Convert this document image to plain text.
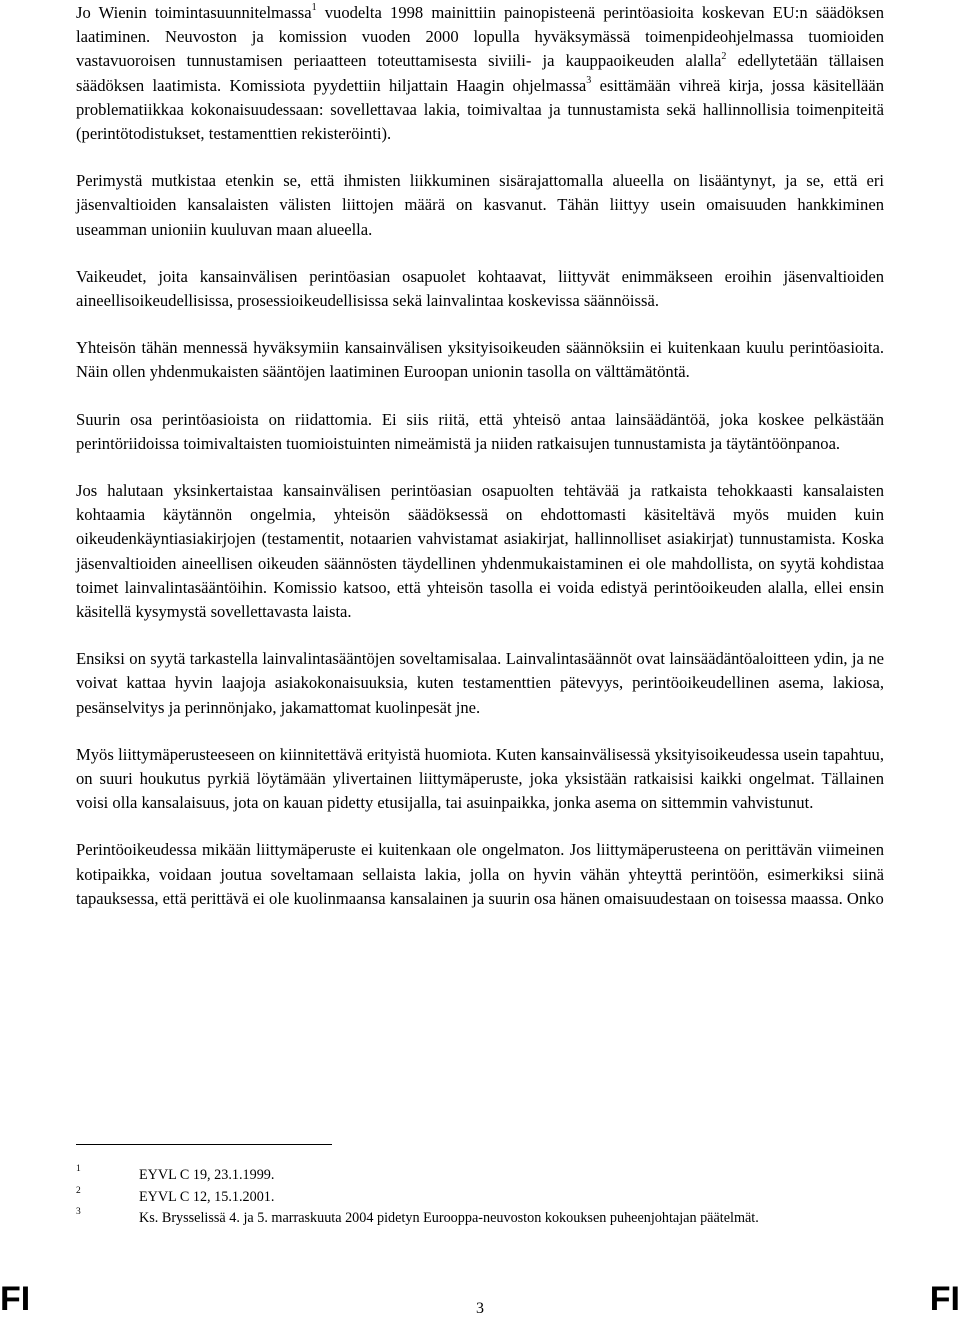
Jo Wienin toimintasuunnitelmassa$^1$ vuodelta 1998 mainittiin painopisteenä perintöasioita koskevan EU:n säädöksen laatiminen. Neuvoston ja komission vuoden 2000 lopulla hyväksymässä toimenpideohjelmassa tuomioiden vastavuoroisen tunnustamisen periaatteen toteuttamisesta siviili- ja kauppaoikeuden alalla$^2$ edellytetään tällaisen säädöksen laatimista. Komissiota pyydettiin hiljattain Haagin ohjelmassa$^3$ esittämään vihreä kirja, jossa käsitellään problematiikkaa kokonaisuudessaan: sovellettavaa lakia, toimivaltaa ja tunnustamista sekä hallinnollisia toimenpiteitä (perintötodistukset, testamenttien rekisteröinti).

Perimystä mutkistaa etenkin se, että ihmisten liikkuminen sisärajattomalla alueella on lisääntynyt, ja se, että eri jäsenvaltioiden kansalaisten välisten liittojen määrä on kasvanut. Tähän liittyy usein omaisuuden hankkiminen useamman unioniin kuuluvan maan alueella.

Vaikeudet, joita kansainvälisen perintöasian osapuolet kohtaavat, liittyvät enimmäkseen eroihin jäsenvaltioiden aineellisoikeudellisissa, prosessioikeudellisissa sekä lainvalintaa koskevissa säännöissä.

Yhteisön tähän mennessä hyväksymiin kansainvälisen yksityisoikeuden säännöksiin ei kuitenkaan kuulu perintöasioita. Näin ollen yhdenmukaisten sääntöjen laatiminen Euroopan unionin tasolla on välttämätöntä.

Suurin osa perintöasioista on riidattomia. Ei siis riitä, että yhteisö antaa lainsäädäntöä, joka koskee pelkästään perintöriidoissa toimivaltaisten tuomioistuinten nimeämistä ja niiden ratkaisujen tunnustamista ja täytäntöönpanoa.

Jos halutaan yksinkertaistaa kansainvälisen perintöasian osapuolten tehtävää ja ratkaista tehokkaasti kansalaisten kohtaamia käytännön ongelmia, yhteisön säädöksessä on ehdottomasti käsiteltävä myös muiden kuin oikeudenkäyntiasiakirjojen (testamentit, notaarien vahvistamat asiakirjat, hallinnolliset asiakirjat) tunnustamista. Koska jäsenvaltioiden aineellisen oikeuden säännösten täydellinen yhdenmukaistaminen ei ole mahdollista, on syytä kohdistaa toimet lainvalintasääntöihin. Komissio katsoo, että yhteisön tasolla ei voida edistyä perintöoikeuden alalla, ellei ensin käsitellä kysymystä sovellettavasta laista.

Ensiksi on syytä tarkastella lainvalintasääntöjen soveltamisalaa. Lainvalintasäännöt ovat lainsäädäntöaloitteen ydin, ja ne voivat kattaa hyvin laajoja asiakokonaisuuksia, kuten testamenttien pätevyys, perintöoikeudellinen asema, lakiosa, pesänselvitys ja perinnönjako, jakamattomat kuolinpesät jne.

Myös liittymäperusteeseen on kiinnitettävä erityistä huomiota. Kuten kansainvälisessä yksityisoikeudessa usein tapahtuu, on suuri houkutus pyrkiä löytämään ylivertainen liittymäperuste, joka yksistään ratkaisisi kaikki ongelmat. Tällainen voisi olla kansalaisuus, jota on kauan pidetty etusijalla, tai asuinpaikka, jonka asema on sittemmin vahvistunut.

Perintöoikeudessa mikään liittymäperuste ei kuitenkaan ole ongelmaton. Jos liittymäperusteena on perittävän viimeinen kotipaikka, voidaan joutua soveltamaan sellaista lakia, jolla on hyvin vähän yhteyttä perintöön, esimerkiksi siinä tapauksessa, että perittävä ei ole kuolinmaansa kansalainen ja suurin osa hänen omaisuudestaan on toisessa maassa. Onko

1	EYVL C 19, 23.1.1999.
2	EYVL C 12, 15.1.2001.
3	Ks. Brysselissä 4. ja 5. marraskuuta 2004 pidetyn Eurooppa-neuvoston kokouksen puheenjohtajan päätelmät.
FI	FI
3
